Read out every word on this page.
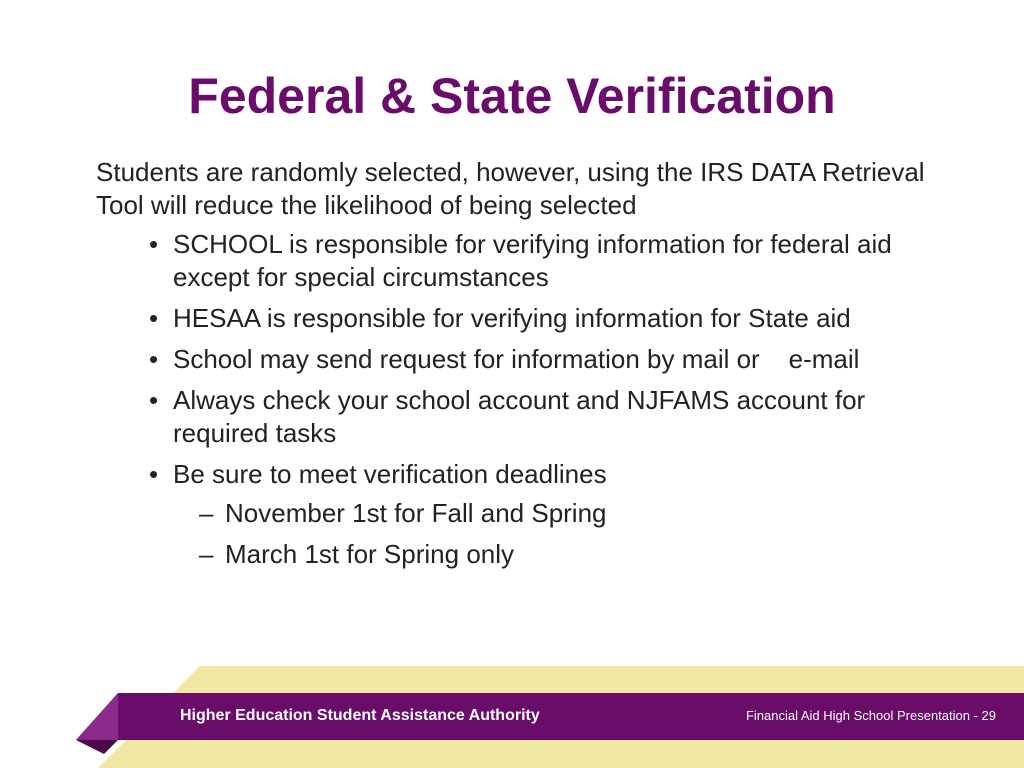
Federal & State Verification

Students are randomly selected, however, using the IRS DATA Retrieval Tool will reduce the likelihood of being selected

• SCHOOL is responsible for verifying information for federal aid except for special circumstances
• HESAA is responsible for verifying information for State aid
• School may send request for information by mail or    e-mail
• Always check your school account and NJFAMS account for required tasks
• Be sure to meet verification deadlines
– November 1st for Fall and Spring
– March 1st for Spring only
Higher Education Student Assistance Authority	Financial Aid High School Presentation - 29
